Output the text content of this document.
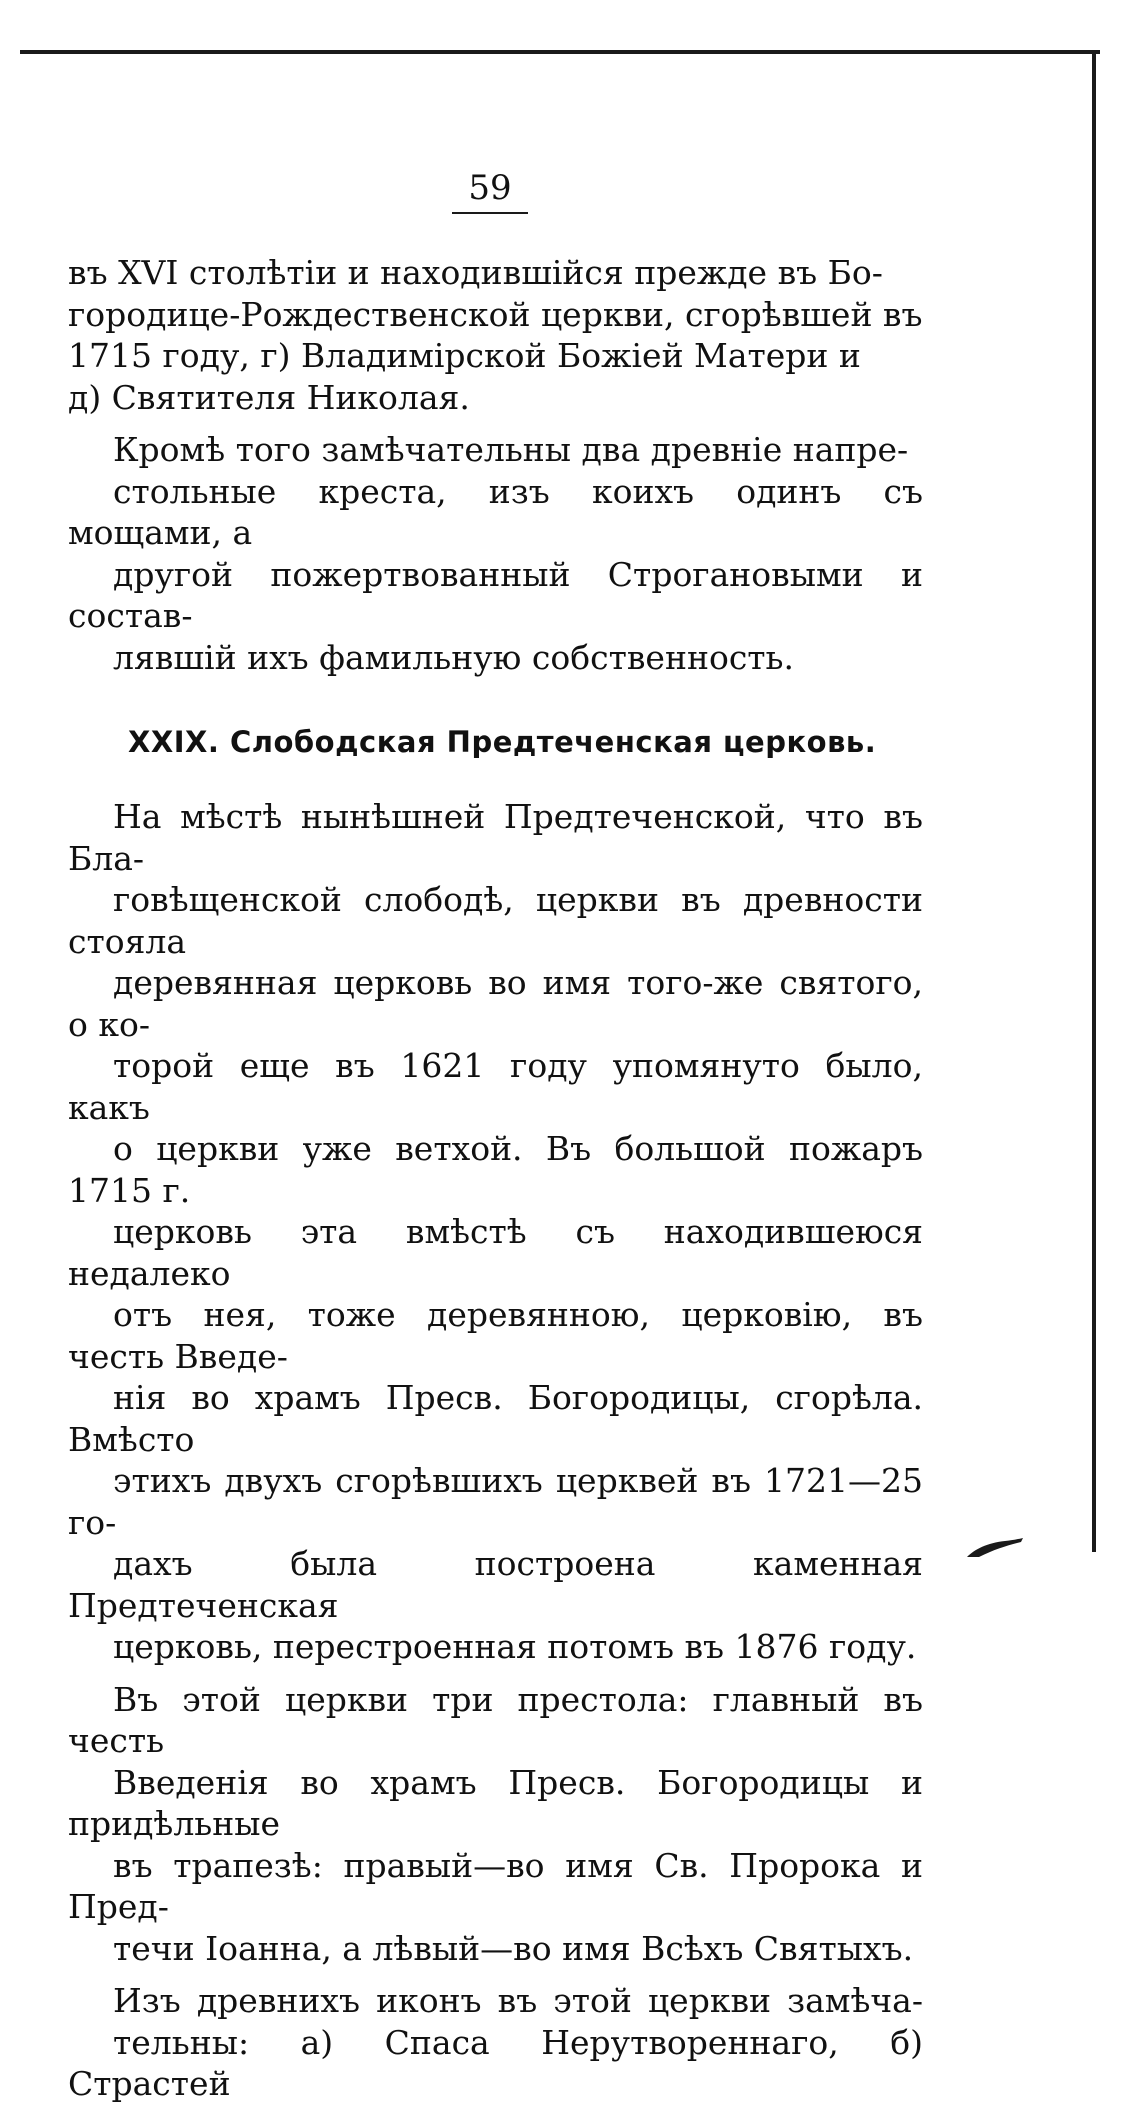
59

въ XVI столѣтіи и находившійся прежде въ Бо-
городице-Рождественской церкви, сгорѣвшей въ
1715 году, г) Владимірской Божіей Матери и
д) Святителя Николая.

Кромѣ того замѣчательны два древніе напре-
стольные креста, изъ коихъ одинъ съ мощами, а
другой пожертвованный Строгановыми и состав-
лявшій ихъ фамильную собственность.

XXIX. Слободская Предтеченская церковь.

На мѣстѣ нынѣшней Предтеченской, что въ Бла-
говѣщенской слободѣ, церкви въ древности стояла
деревянная церковь во имя того-же святого, о ко-
торой еще въ 1621 году упомянуто было, какъ
о церкви уже ветхой. Въ большой пожаръ 1715 г.
церковь эта вмѣстѣ съ находившеюся недалеко
отъ нея, тоже деревянною, церковію, въ честь Введе-
нія во храмъ Пресв. Богородицы, сгорѣла. Вмѣсто
этихъ двухъ сгорѣвшихъ церквей въ 1721—25 го-
дахъ была построена каменная Предтеченская
церковь, перестроенная потомъ въ 1876 году.

Въ этой церкви три престола: главный въ честь
Введенія во храмъ Пресв. Богородицы и придѣльные
въ трапезѣ: правый—во имя Св. Пророка и Пред-
течи Іоанна, а лѣвый—во имя Всѣхъ Святыхъ.

Изъ древнихъ иконъ въ этой церкви замѣча-
тельны: а) Спаса Нерутвореннаго, б) Страстей
